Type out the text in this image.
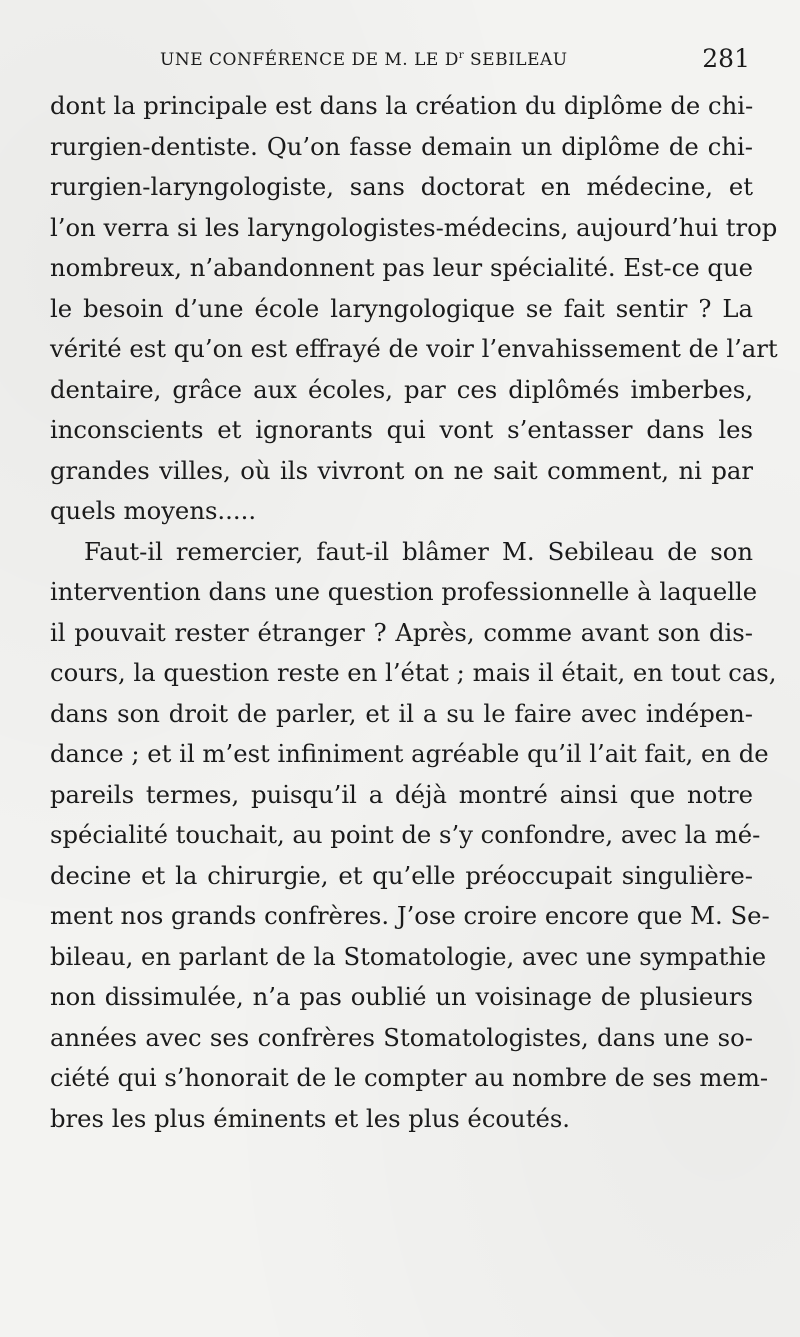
UNE CONFÉRENCE DE M. LE $D^r$ SEBILEAU	281
dont la principale est dans la création du diplôme de chi-
rurgien-dentiste. Qu’on fasse demain un diplôme de chi-
rurgien-laryngologiste, sans doctorat en médecine, et
l’on verra si les laryngologistes-médecins, aujourd’hui trop
nombreux, n’abandonnent pas leur spécialité. Est-ce que
le besoin d’une école laryngologique se fait sentir ? La
vérité est qu’on est effrayé de voir l’envahissement de l’art
dentaire, grâce aux écoles, par ces diplômés imberbes,
inconscients et ignorants qui vont s’entasser dans les
grandes villes, où ils vivront on ne sait comment, ni par
quels moyens.....
Faut-il remercier, faut-il blâmer M. Sebileau de son
intervention dans une question professionnelle à laquelle
il pouvait rester étranger ? Après, comme avant son dis-
cours, la question reste en l’état ; mais il était, en tout cas,
dans son droit de parler, et il a su le faire avec indépen-
dance ; et il m’est infiniment agréable qu’il l’ait fait, en de
pareils termes, puisqu’il a déjà montré ainsi que notre
spécialité touchait, au point de s’y confondre, avec la mé-
decine et la chirurgie, et qu’elle préoccupait singulière-
ment nos grands confrères. J’ose croire encore que M. Se-
bileau, en parlant de la Stomatologie, avec une sympathie
non dissimulée, n’a pas oublié un voisinage de plusieurs
années avec ses confrères Stomatologistes, dans une so-
ciété qui s’honorait de le compter au nombre de ses mem-
bres les plus éminents et les plus écoutés.
